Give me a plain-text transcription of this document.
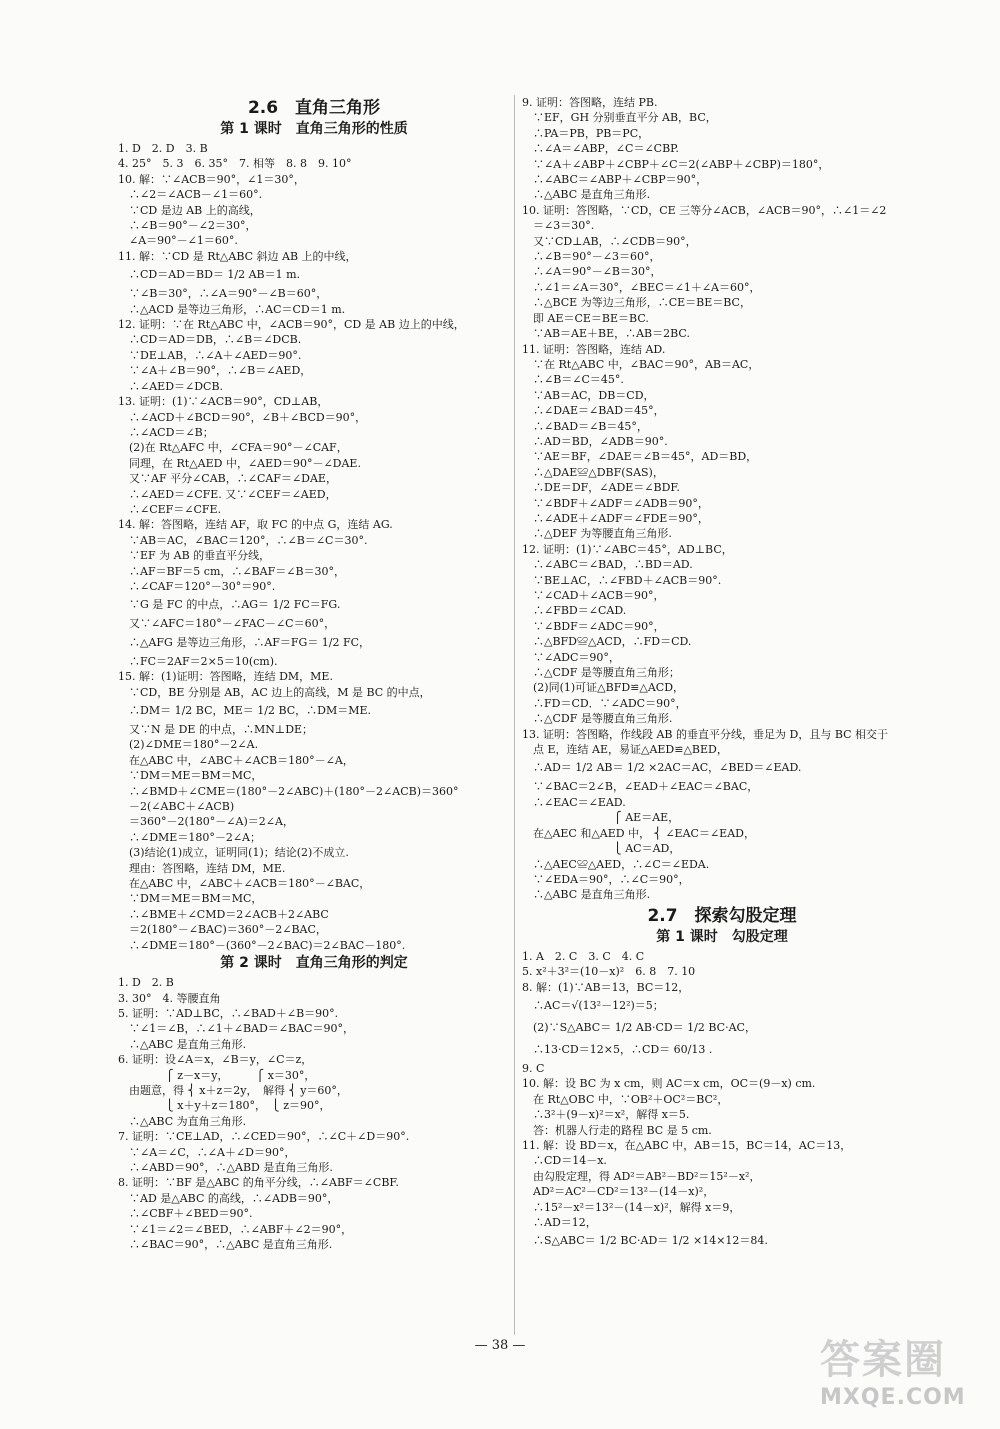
2.6　直角三角形
第 1 课时　直角三角形的性质
1. D　2. D　3. B
4. 25°　5. 3　6. 35°　7. 相等　8. 8　9. 10°
10. 解：∵∠ACB＝90°，∠1＝30°，
　∴∠2＝∠ACB－∠1＝60°.
　∵CD 是边 AB 上的高线，
　∴∠B＝90°－∠2＝30°，
　∠A＝90°－∠1＝60°.
11. 解：∵CD 是 Rt△ABC 斜边 AB 上的中线，
　∴CD＝AD＝BD＝ 1/2 AB＝1 m.
　∵∠B＝30°，∴∠A＝90°－∠B＝60°，
　∴△ACD 是等边三角形，∴AC＝CD＝1 m.
12. 证明：∵在 Rt△ABC 中，∠ACB＝90°，CD 是 AB 边上的中线，
　∴CD＝AD＝DB，∴∠B＝∠DCB.
　∵DE⊥AB，∴∠A＋∠AED＝90°.
　∵∠A＋∠B＝90°，∴∠B＝∠AED，
　∴∠AED＝∠DCB.
13. 证明：(1)∵∠ACB＝90°，CD⊥AB，
　∴∠ACD＋∠BCD＝90°，∠B＋∠BCD＝90°，
　∴∠ACD＝∠B；
　(2)在 Rt△AFC 中，∠CFA＝90°－∠CAF，
　同理，在 Rt△AED 中，∠AED＝90°－∠DAE.
　又∵AF 平分∠CAB，∴∠CAF＝∠DAE，
　∴∠AED＝∠CFE. 又∵∠CEF＝∠AED，
　∴∠CEF＝∠CFE.
14. 解：答图略，连结 AF，取 FC 的中点 G，连结 AG.
　∵AB＝AC，∠BAC＝120°，∴∠B＝∠C＝30°.
　∵EF 为 AB 的垂直平分线，
　∴AF＝BF＝5 cm，∴∠BAF＝∠B＝30°，
　∴∠CAF＝120°－30°＝90°.
　∵G 是 FC 的中点，∴AG＝ 1/2 FC＝FG.
　又∵∠AFC＝180°－∠FAC－∠C＝60°，
　∴△AFG 是等边三角形，∴AF＝FG＝ 1/2 FC，
　∴FC＝2AF＝2×5＝10(cm).
15. 解：(1)证明：答图略，连结 DM，ME.
　∵CD，BE 分别是 AB，AC 边上的高线，M 是 BC 的中点，
　∴DM＝ 1/2 BC，ME＝ 1/2 BC，∴DM＝ME.
　又∵N 是 DE 的中点，∴MN⊥DE；
　(2)∠DME＝180°－2∠A.
　在△ABC 中，∠ABC＋∠ACB＝180°－∠A，
　∵DM＝ME＝BM＝MC，
　∴∠BMD＋∠CME＝(180°－2∠ABC)＋(180°－2∠ACB)＝360°
　－2(∠ABC＋∠ACB)
　＝360°－2(180°－∠A)＝2∠A，
　∴∠DME＝180°－2∠A；
　(3)结论(1)成立，证明同(1)；结论(2)不成立.
　理由：答图略，连结 DM，ME.
　在△ABC 中，∠ABC＋∠ACB＝180°－∠BAC，
　∵DM＝ME＝BM＝MC，
　∴∠BME＋∠CMD＝2∠ACB＋2∠ABC
　＝2(180°－∠BAC)＝360°－2∠BAC，
　∴∠DME＝180°－(360°－2∠BAC)＝2∠BAC－180°.
第 2 课时　直角三角形的判定
1. D　2. B
3. 30°　4. 等腰直角
5. 证明：∵AD⊥BC，∴∠BAD＋∠B＝90°.
　∵∠1＝∠B，∴∠1＋∠BAD＝∠BAC＝90°，
　∴△ABC 是直角三角形.
6. 证明：设∠A＝x，∠B＝y，∠C＝z，
　　　　 ⎧ z－x＝y，　　　⎧ x＝30°，
　由题意，得 ⎨ x＋z＝2y，　解得 ⎨ y＝60°，
　　　　 ⎩ x＋y＋z＝180°，　⎩ z＝90°，
　∴△ABC 为直角三角形.
7. 证明：∵CE⊥AD，∴∠CED＝90°，∴∠C＋∠D＝90°.
　∵∠A＝∠C，∴∠A＋∠D＝90°，
　∴∠ABD＝90°，∴△ABD 是直角三角形.
8. 证明：∵BF 是△ABC 的角平分线，∴∠ABF＝∠CBF.
　∵AD 是△ABC 的高线，∴∠ADB＝90°，
　∴∠CBF＋∠BED＝90°.
　∵∠1＝∠2＝∠BED，∴∠ABF＋∠2＝90°，
　∴∠BAC＝90°，∴△ABC 是直角三角形.
9. 证明：答图略，连结 PB.
　∵EF，GH 分别垂直平分 AB，BC，
　∴PA＝PB，PB＝PC，
　∴∠A＝∠ABP，∠C＝∠CBP.
　∵∠A＋∠ABP＋∠CBP＋∠C＝2(∠ABP＋∠CBP)＝180°，
　∴∠ABC＝∠ABP＋∠CBP＝90°，
　∴△ABC 是直角三角形.
10. 证明：答图略，∵CD，CE 三等分∠ACB，∠ACB＝90°，∴∠1＝∠2
　＝∠3＝30°.
　又∵CD⊥AB，∴∠CDB＝90°，
　∴∠B＝90°－∠3＝60°，
　∴∠A＝90°－∠B＝30°，
　∴∠1＝∠A＝30°，∠BEC＝∠1＋∠A＝60°，
　∴△BCE 为等边三角形，∴CE＝BE＝BC，
　即 AE＝CE＝BE＝BC.
　∵AB＝AE＋BE，∴AB＝2BC.
11. 证明：答图略，连结 AD.
　∵在 Rt△ABC 中，∠BAC＝90°，AB＝AC，
　∴∠B＝∠C＝45°.
　∵AB＝AC，DB＝CD，
　∴∠DAE＝∠BAD＝45°，
　∴∠BAD＝∠B＝45°，
　∴AD＝BD，∠ADB＝90°.
　∵AE＝BF，∠DAE＝∠B＝45°，AD＝BD，
　∴△DAE≌△DBF(SAS)，
　∴DE＝DF，∠ADE＝∠BDF.
　∵∠BDF＋∠ADF＝∠ADB＝90°，
　∴∠ADE＋∠ADF＝∠FDE＝90°，
　∴△DEF 为等腰直角三角形.
12. 证明：(1)∵∠ABC＝45°，AD⊥BC，
　∴∠ABC＝∠BAD，∴BD＝AD.
　∵BE⊥AC，∴∠FBD＋∠ACB＝90°.
　∵∠CAD＋∠ACB＝90°，
　∴∠FBD＝∠CAD.
　∵∠BDF＝∠ADC＝90°，
　∴△BFD≌△ACD，∴FD＝CD.
　∵∠ADC＝90°，
　∴△CDF 是等腰直角三角形；
　(2)同(1)可证△BFD≌△ACD，
　∴FD＝CD．∵∠ADC＝90°，
　∴△CDF 是等腰直角三角形.
13. 证明：答图略，作线段 AB 的垂直平分线，垂足为 D，且与 BC 相交于
　点 E，连结 AE，易证△AED≌△BED，
　∴AD＝ 1/2 AB＝ 1/2 ×2AC＝AC，∠BED＝∠EAD.
　∵∠BAC＝2∠B，∠EAD＋∠EAC＝∠BAC，
　∴∠EAC＝∠EAD.
　　　　　　　　 ⎧ AE＝AE，
　在△AEC 和△AED 中， ⎨ ∠EAC＝∠EAD，
　　　　　　　　 ⎩ AC＝AD，
　∴△AEC≌△AED，∴∠C＝∠EDA.
　∵∠EDA＝90°，∴∠C＝90°，
　∴△ABC 是直角三角形.
2.7　探索勾股定理
第 1 课时　勾股定理
1. A　2. C　3. C　4. C
5. x²＋3²＝(10－x)²　6. 8　7. 10
8. 解：(1)∵AB＝13，BC＝12，
　∴AC＝√(13²－12²)＝5；
　(2)∵S△ABC＝ 1/2 AB·CD＝ 1/2 BC·AC，
　∴13·CD＝12×5，∴CD＝ 60/13 .
9. C
10. 解：设 BC 为 x cm，则 AC＝x cm，OC＝(9－x) cm.
　在 Rt△OBC 中，∵OB²＋OC²＝BC²，
　∴3²＋(9－x)²＝x²，解得 x＝5.
　答：机器人行走的路程 BC 是 5 cm.
11. 解：设 BD＝x，在△ABC 中，AB＝15，BC＝14，AC＝13，
　∴CD＝14－x.
　由勾股定理，得 AD²＝AB²－BD²＝15²－x²，
　AD²＝AC²－CD²＝13²－(14－x)²，
　∴15²－x²＝13²－(14－x)²，解得 x＝9，
　∴AD＝12，
　∴S△ABC＝ 1/2 BC·AD＝ 1/2 ×14×12＝84.
— 38 —	答案圈
MXQE.COM
